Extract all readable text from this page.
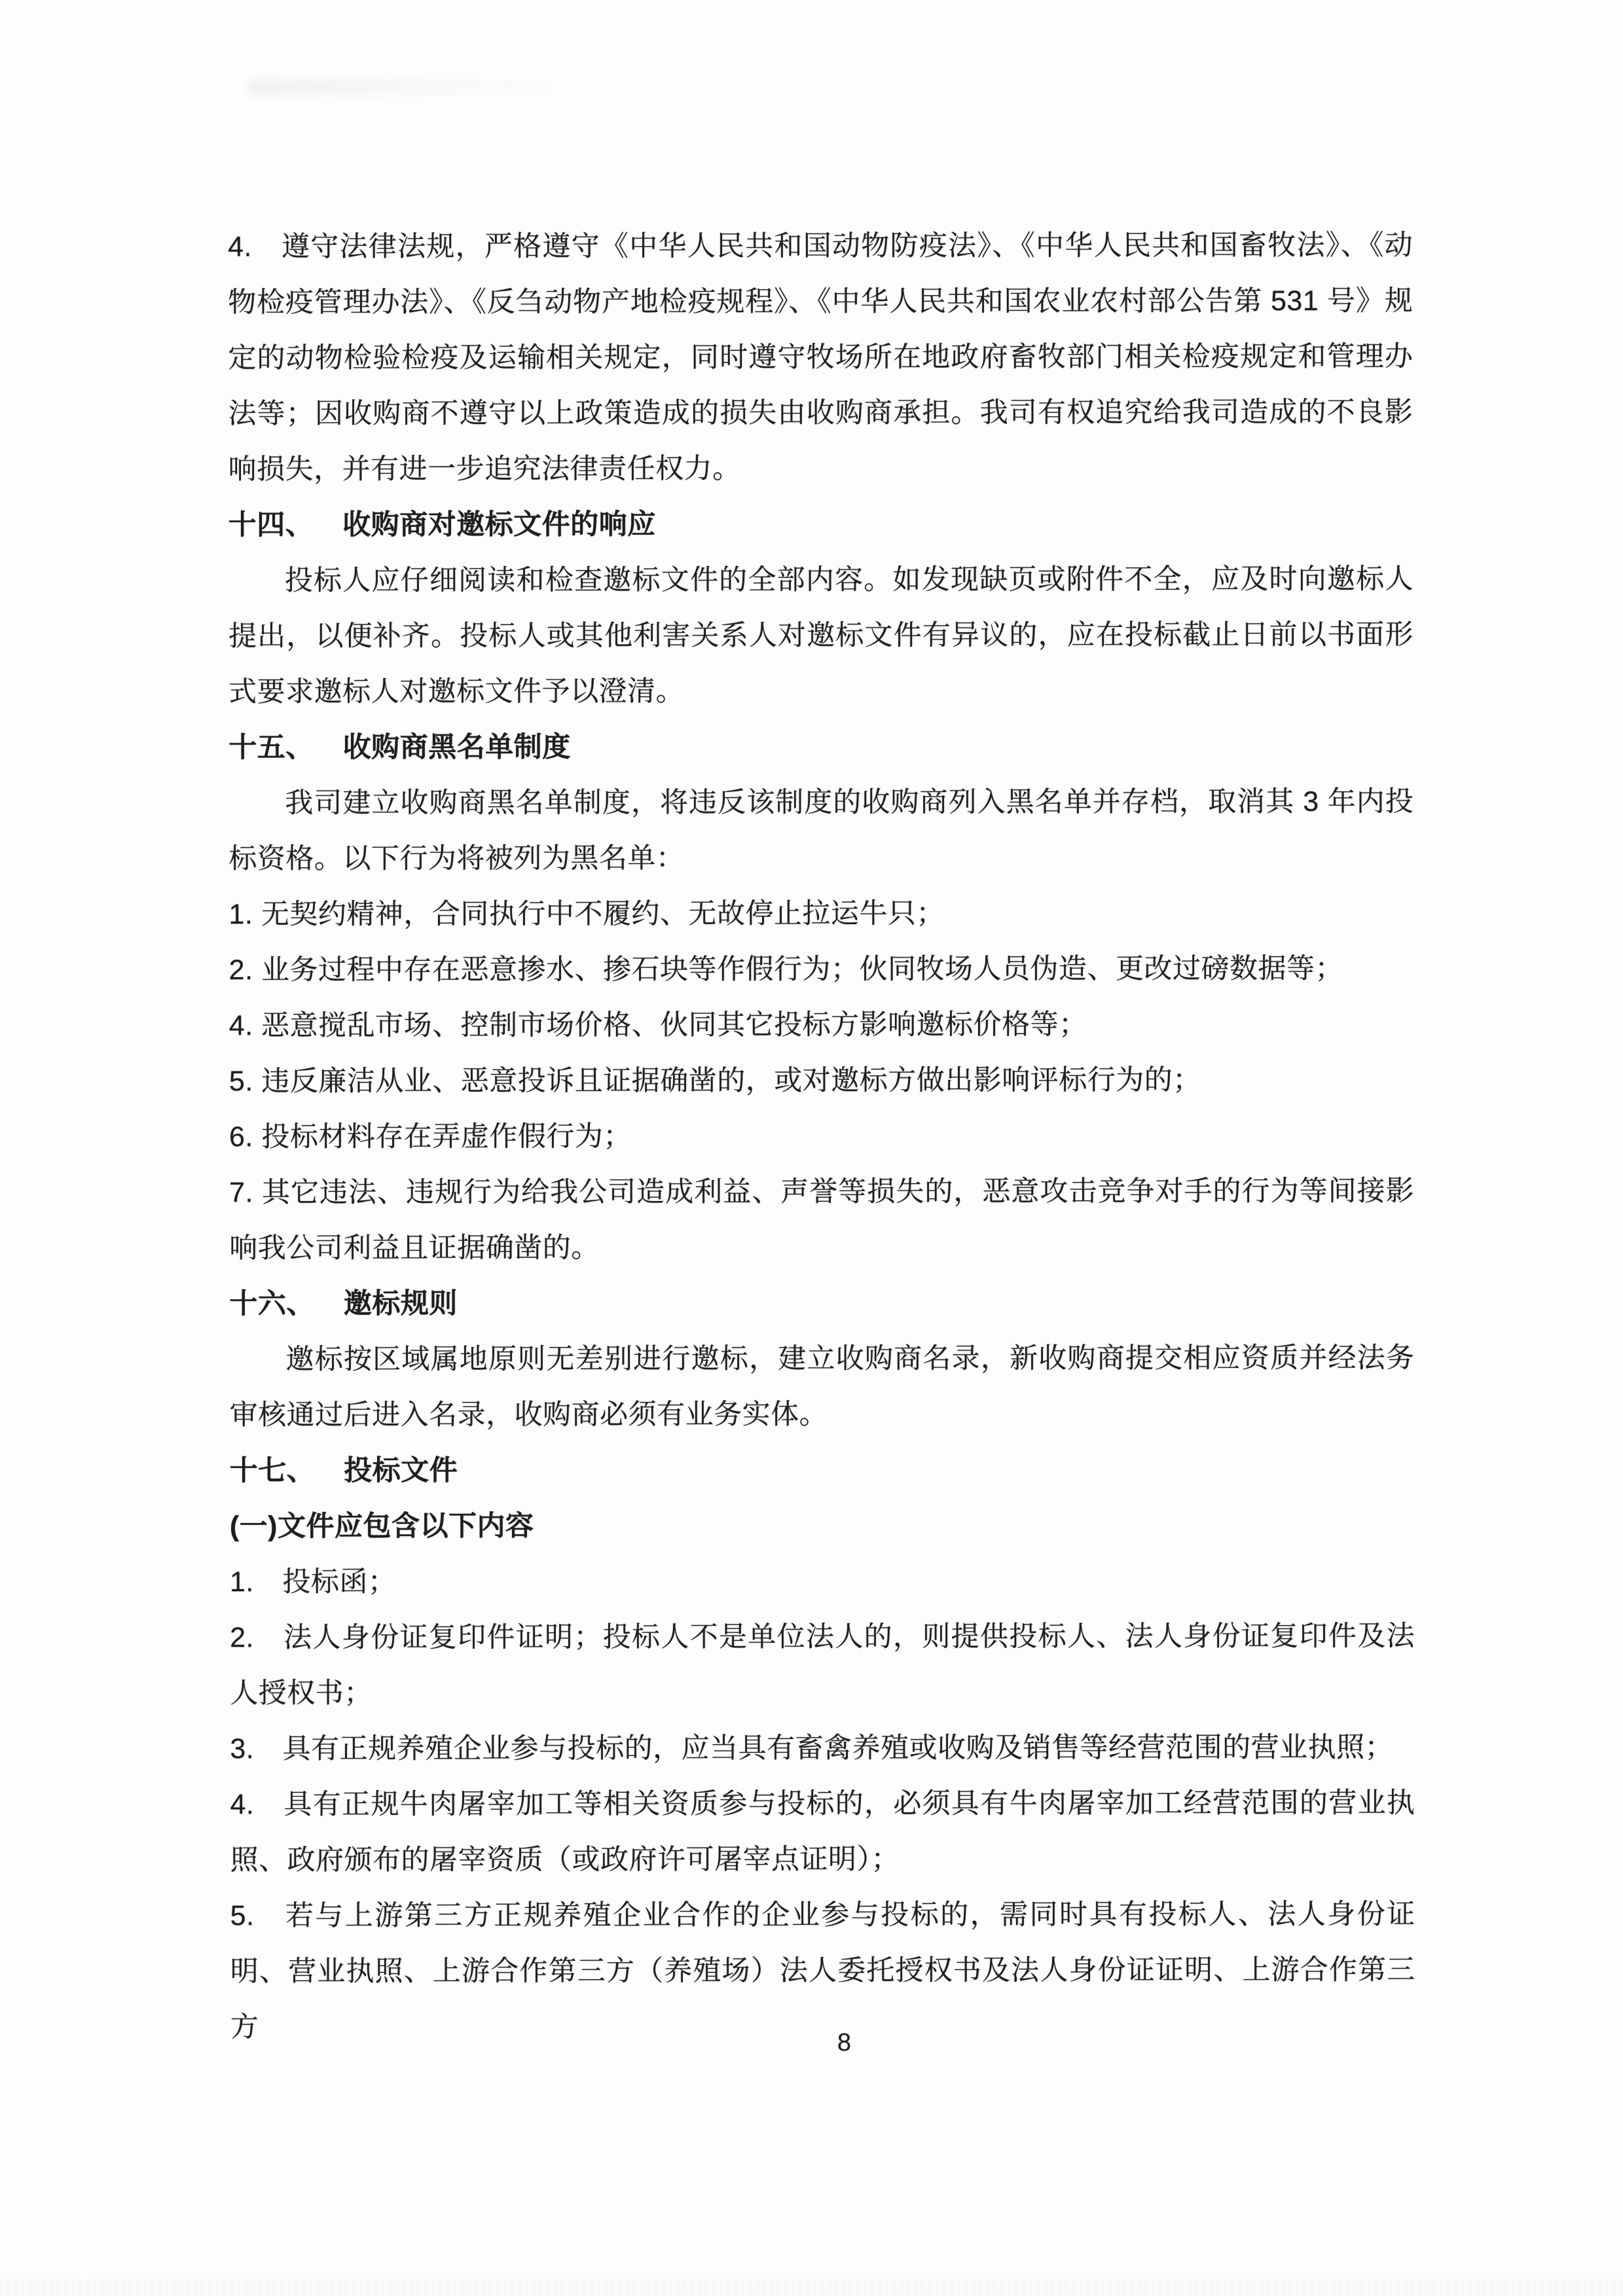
4.　遵守法律法规，严格遵守《中华人民共和国动物防疫法》、《中华人民共和国畜牧法》、《动物检疫管理办法》、《反刍动物产地检疫规程》、《中华人民共和国农业农村部公告第 531 号》规定的动物检验检疫及运输相关规定，同时遵守牧场所在地政府畜牧部门相关检疫规定和管理办法等；因收购商不遵守以上政策造成的损失由收购商承担。我司有权追究给我司造成的不良影响损失，并有进一步追究法律责任权力。

十四、 收购商对邀标文件的响应

投标人应仔细阅读和检查邀标文件的全部内容。如发现缺页或附件不全，应及时向邀标人提出，以便补齐。投标人或其他利害关系人对邀标文件有异议的，应在投标截止日前以书面形式要求邀标人对邀标文件予以澄清。

十五、 收购商黑名单制度

我司建立收购商黑名单制度，将违反该制度的收购商列入黑名单并存档，取消其 3 年内投标资格。以下行为将被列为黑名单：

1. 无契约精神，合同执行中不履约、无故停止拉运牛只；

2. 业务过程中存在恶意掺水、掺石块等作假行为；伙同牧场人员伪造、更改过磅数据等；

4. 恶意搅乱市场、控制市场价格、伙同其它投标方影响邀标价格等；

5. 违反廉洁从业、恶意投诉且证据确凿的，或对邀标方做出影响评标行为的；

6. 投标材料存在弄虚作假行为；

7. 其它违法、违规行为给我公司造成利益、声誉等损失的，恶意攻击竞争对手的行为等间接影响我公司利益且证据确凿的。

十六、 邀标规则

邀标按区域属地原则无差别进行邀标，建立收购商名录，新收购商提交相应资质并经法务审核通过后进入名录，收购商必须有业务实体。

十七、 投标文件

(一)文件应包含以下内容

1.　投标函；

2.　法人身份证复印件证明；投标人不是单位法人的，则提供投标人、法人身份证复印件及法人授权书；

3.　具有正规养殖企业参与投标的，应当具有畜禽养殖或收购及销售等经营范围的营业执照；

4.　具有正规牛肉屠宰加工等相关资质参与投标的，必须具有牛肉屠宰加工经营范围的营业执照、政府颁布的屠宰资质（或政府许可屠宰点证明）；

5.　若与上游第三方正规养殖企业合作的企业参与投标的，需同时具有投标人、法人身份证明、营业执照、上游合作第三方（养殖场）法人委托授权书及法人身份证证明、上游合作第三方	8
